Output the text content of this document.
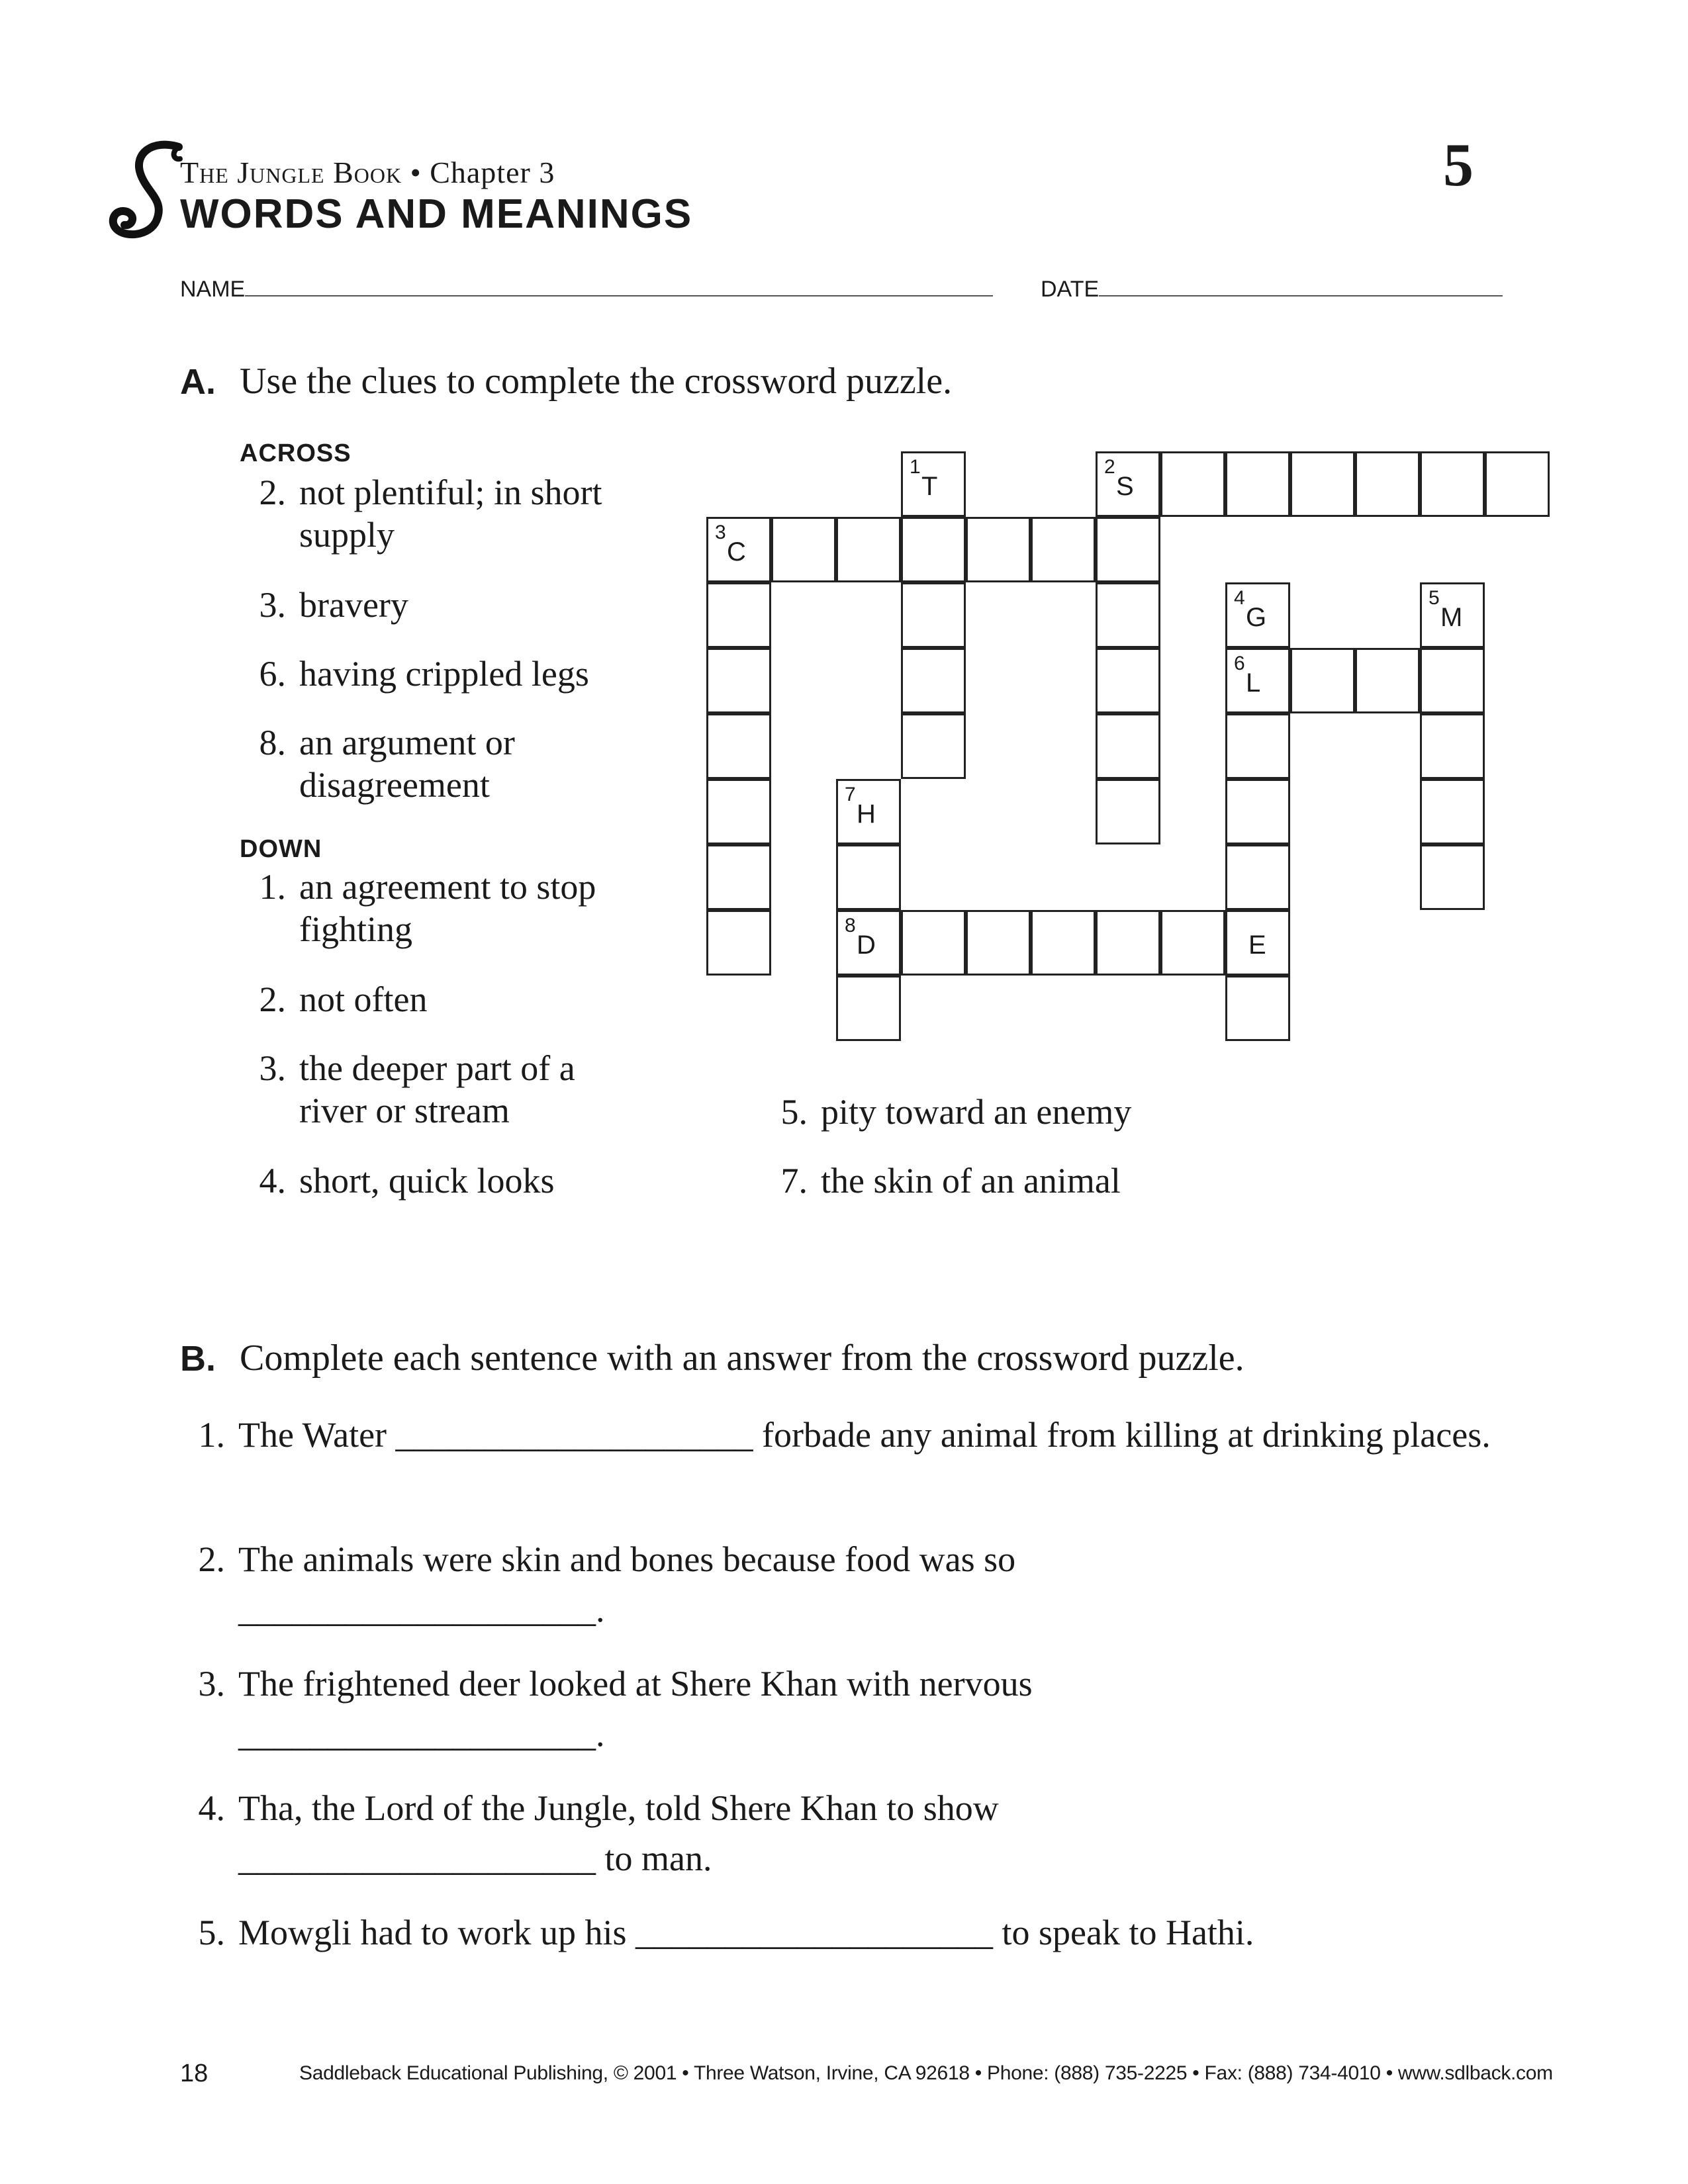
The Jungle Book • Chapter 3
WORDS AND MEANINGS
5
NAME	DATE
A. Use the clues to complete the crossword puzzle.
ACROSS
2. not plentiful; in short supply
3. bravery
6. having crippled legs
8. an argument or disagreement
DOWN
1. an agreement to stop fighting
2. not often
3. the deeper part of a river or stream
4. short, quick looks
5. pity toward an enemy
7. the skin of an animal
1
T
2
S
3
C
4
G
6
L
E
5
M
7
H
8
D
B. Complete each sentence with an answer from the crossword puzzle.
1. The Water ____________________ forbade any animal from killing at drinking places.
2. The animals were skin and bones because food was so
____________________.
3. The frightened deer looked at Shere Khan with nervous
____________________.
4. Tha, the Lord of the Jungle, told Shere Khan to show
____________________ to man.
5. Mowgli had to work up his ____________________ to speak to Hathi.
18	Saddleback Educational Publishing, © 2001 • Three Watson, Irvine, CA 92618 • Phone: (888) 735-2225 • Fax: (888) 734-4010 • www.sdlback.com
